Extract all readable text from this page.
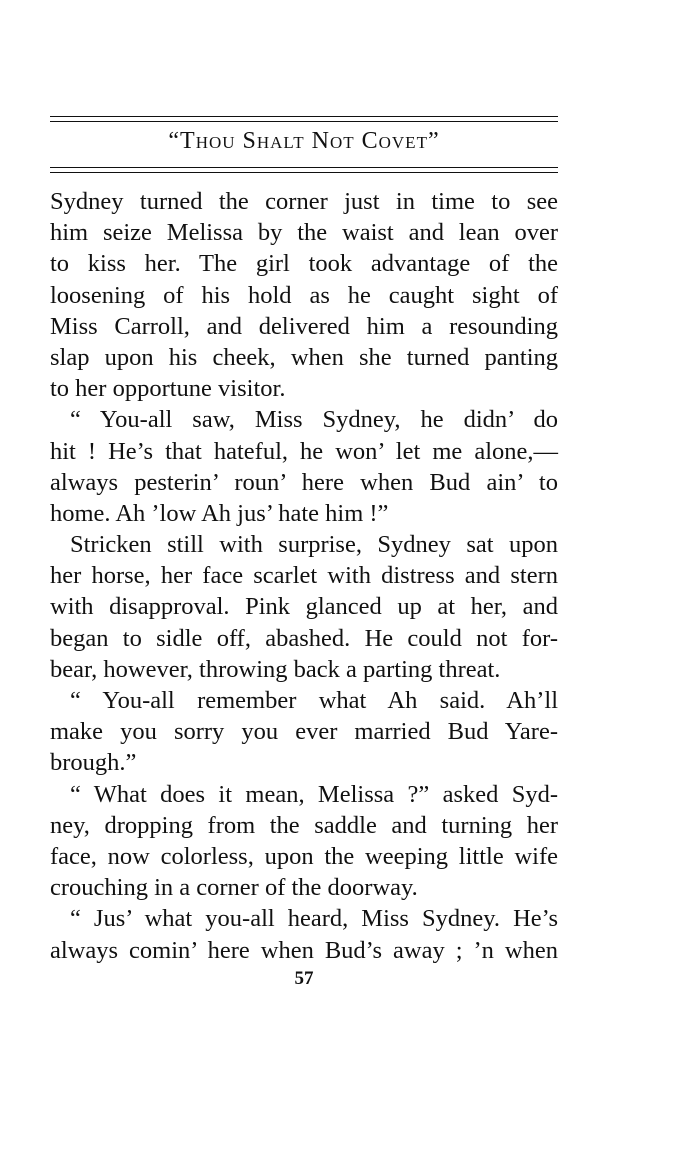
“Thou Shalt Not Covet”
Sydney turned the corner just in time to see
him seize Melissa by the waist and lean over
to kiss her. The girl took advantage of the
loosening of his hold as he caught sight of
Miss Carroll, and delivered him a resounding
slap upon his cheek, when she turned panting
to her opportune visitor.
“ You-all saw, Miss Sydney, he didn’ do
hit ! He’s that hateful, he won’ let me alone,—
always pesterin’ roun’ here when Bud ain’ to
home. Ah ’low Ah jus’ hate him !”
Stricken still with surprise, Sydney sat upon
her horse, her face scarlet with distress and stern
with disapproval. Pink glanced up at her, and
began to sidle off, abashed. He could not for-
bear, however, throwing back a parting threat.
“ You-all remember what Ah said. Ah’ll
make you sorry you ever married Bud Yare-
brough.”
“ What does it mean, Melissa ?” asked Syd-
ney, dropping from the saddle and turning her
face, now colorless, upon the weeping little wife
crouching in a corner of the doorway.
“ Jus’ what you-all heard, Miss Sydney. He’s
always comin’ here when Bud’s away ; ’n when
57
